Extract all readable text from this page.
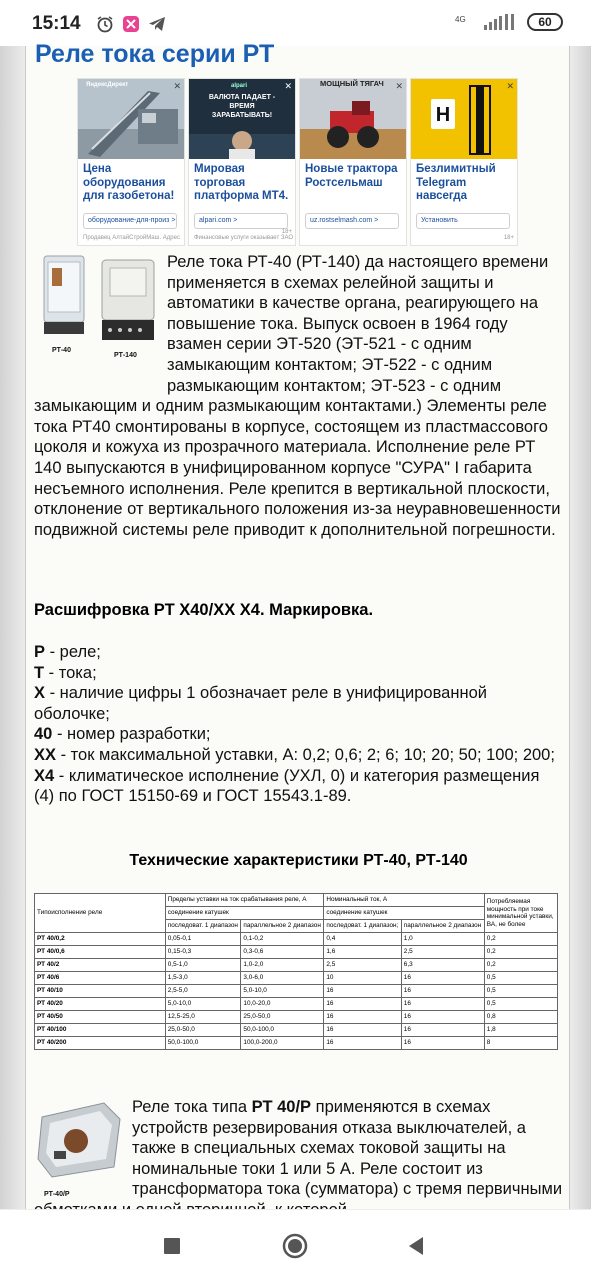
15:14	4G	60
Реле тока серии РТ
ЯндексДирект	✕
Цена оборудования для газобетона!
оборудование-для-произ >
Продавец АлтайСтройМаш. Адрес
alpari
ВАЛЮТА ПАДАЕТ - ВРЕМЯ ЗАРАБАТЫВАТЬ!
✕
Мировая торговая платформа МТ4.
alpari.com >
18+
Финансовые услуги оказывает ЗАО
МОЩНЫЙ ТЯГАЧ ✕
Новые трактора Ростсельмаш
uz.rostselmash.com >
Н
✕
Безлимитный Telegram навсегда
Установить
18+
РТ-40
РТ-140
Реле тока РТ-40 (РТ-140) да настоящего времени применяется в схемах релейной защиты и автоматики в качестве органа, реагирующего на повышение тока. Выпуск освоен в 1964 году взамен серии ЭТ-520 (ЭТ-521 - с одним замыкающим контактом; ЭТ-522 - с одним размыкающим контактом; ЭТ-523 - с одним замыкающим и одним размыкающим контактами.) Элементы реле тока РТ40 смонтированы в корпусе, состоящем из пластмассового цоколя и кожуха из прозрачного материала. Исполнение реле РТ 140 выпускаются в унифицированном корпусе "СУРА" I габарита несъемного исполнения. Реле крепится в вертикальной плоскости, отклонение от вертикального положения из-за неуравновешенности подвижной системы реле приводит к дополнительной погрешности.
Расшифровка РТ Х40/ХХ Х4. Маркировка.
Р - реле;
Т - тока;
Х - наличие цифры 1 обозначает реле в унифицированной оболочке;
40 - номер разработки;
ХХ - ток максимальной уставки, А: 0,2; 0,6; 2; 6; 10; 20; 50; 100; 200;
Х4 - климатическое исполнение (УХЛ, 0) и категория размещения (4) по ГОСТ 15150-69 и ГОСТ 15543.1-89.
Технические характеристики РТ-40, РТ-140
Типоисполнение реле	Пределы уставки на ток срабатывания реле, А		Номинальный ток, А		Потребляемая мощность при токе минимальной уставки, ВА, не более
	соединение катушек		соединение катушек		
	последоват. 1 диапазон	параллельное 2 диапазон	последоват. 1 диапазон;	параллельное 2 диапазон	
РТ 40/0,2	0,05-0,1	0,1-0,2	0,4	1,0	0,2
РТ 40/0,6	0,15-0,3	0,3-0,6	1,6	2,5	0,2
РТ 40/2	0,5-1,0	1,0-2,0	2,5	6,3	0,2
РТ 40/6	1,5-3,0	3,0-6,0	10	16	0,5
РТ 40/10	2,5-5,0	5,0-10,0	16	16	0,5
РТ 40/20	5,0-10,0	10,0-20,0	16	16	0,5
РТ 40/50	12,5-25,0	25,0-50,0	16	16	0,8
РТ 40/100	25,0-50,0	50,0-100,0	16	16	1,8
РТ 40/200	50,0-100,0	100,0-200,0	16	16	8
РТ-40/Р
Реле тока типа РТ 40/Р применяются в схемах устройств резервирования отказа выключателей, а также в специальных схемах токовой защиты на номинальные токи 1 или 5 А. Реле состоит из трансформатора тока (сумматора) с тремя первичными
